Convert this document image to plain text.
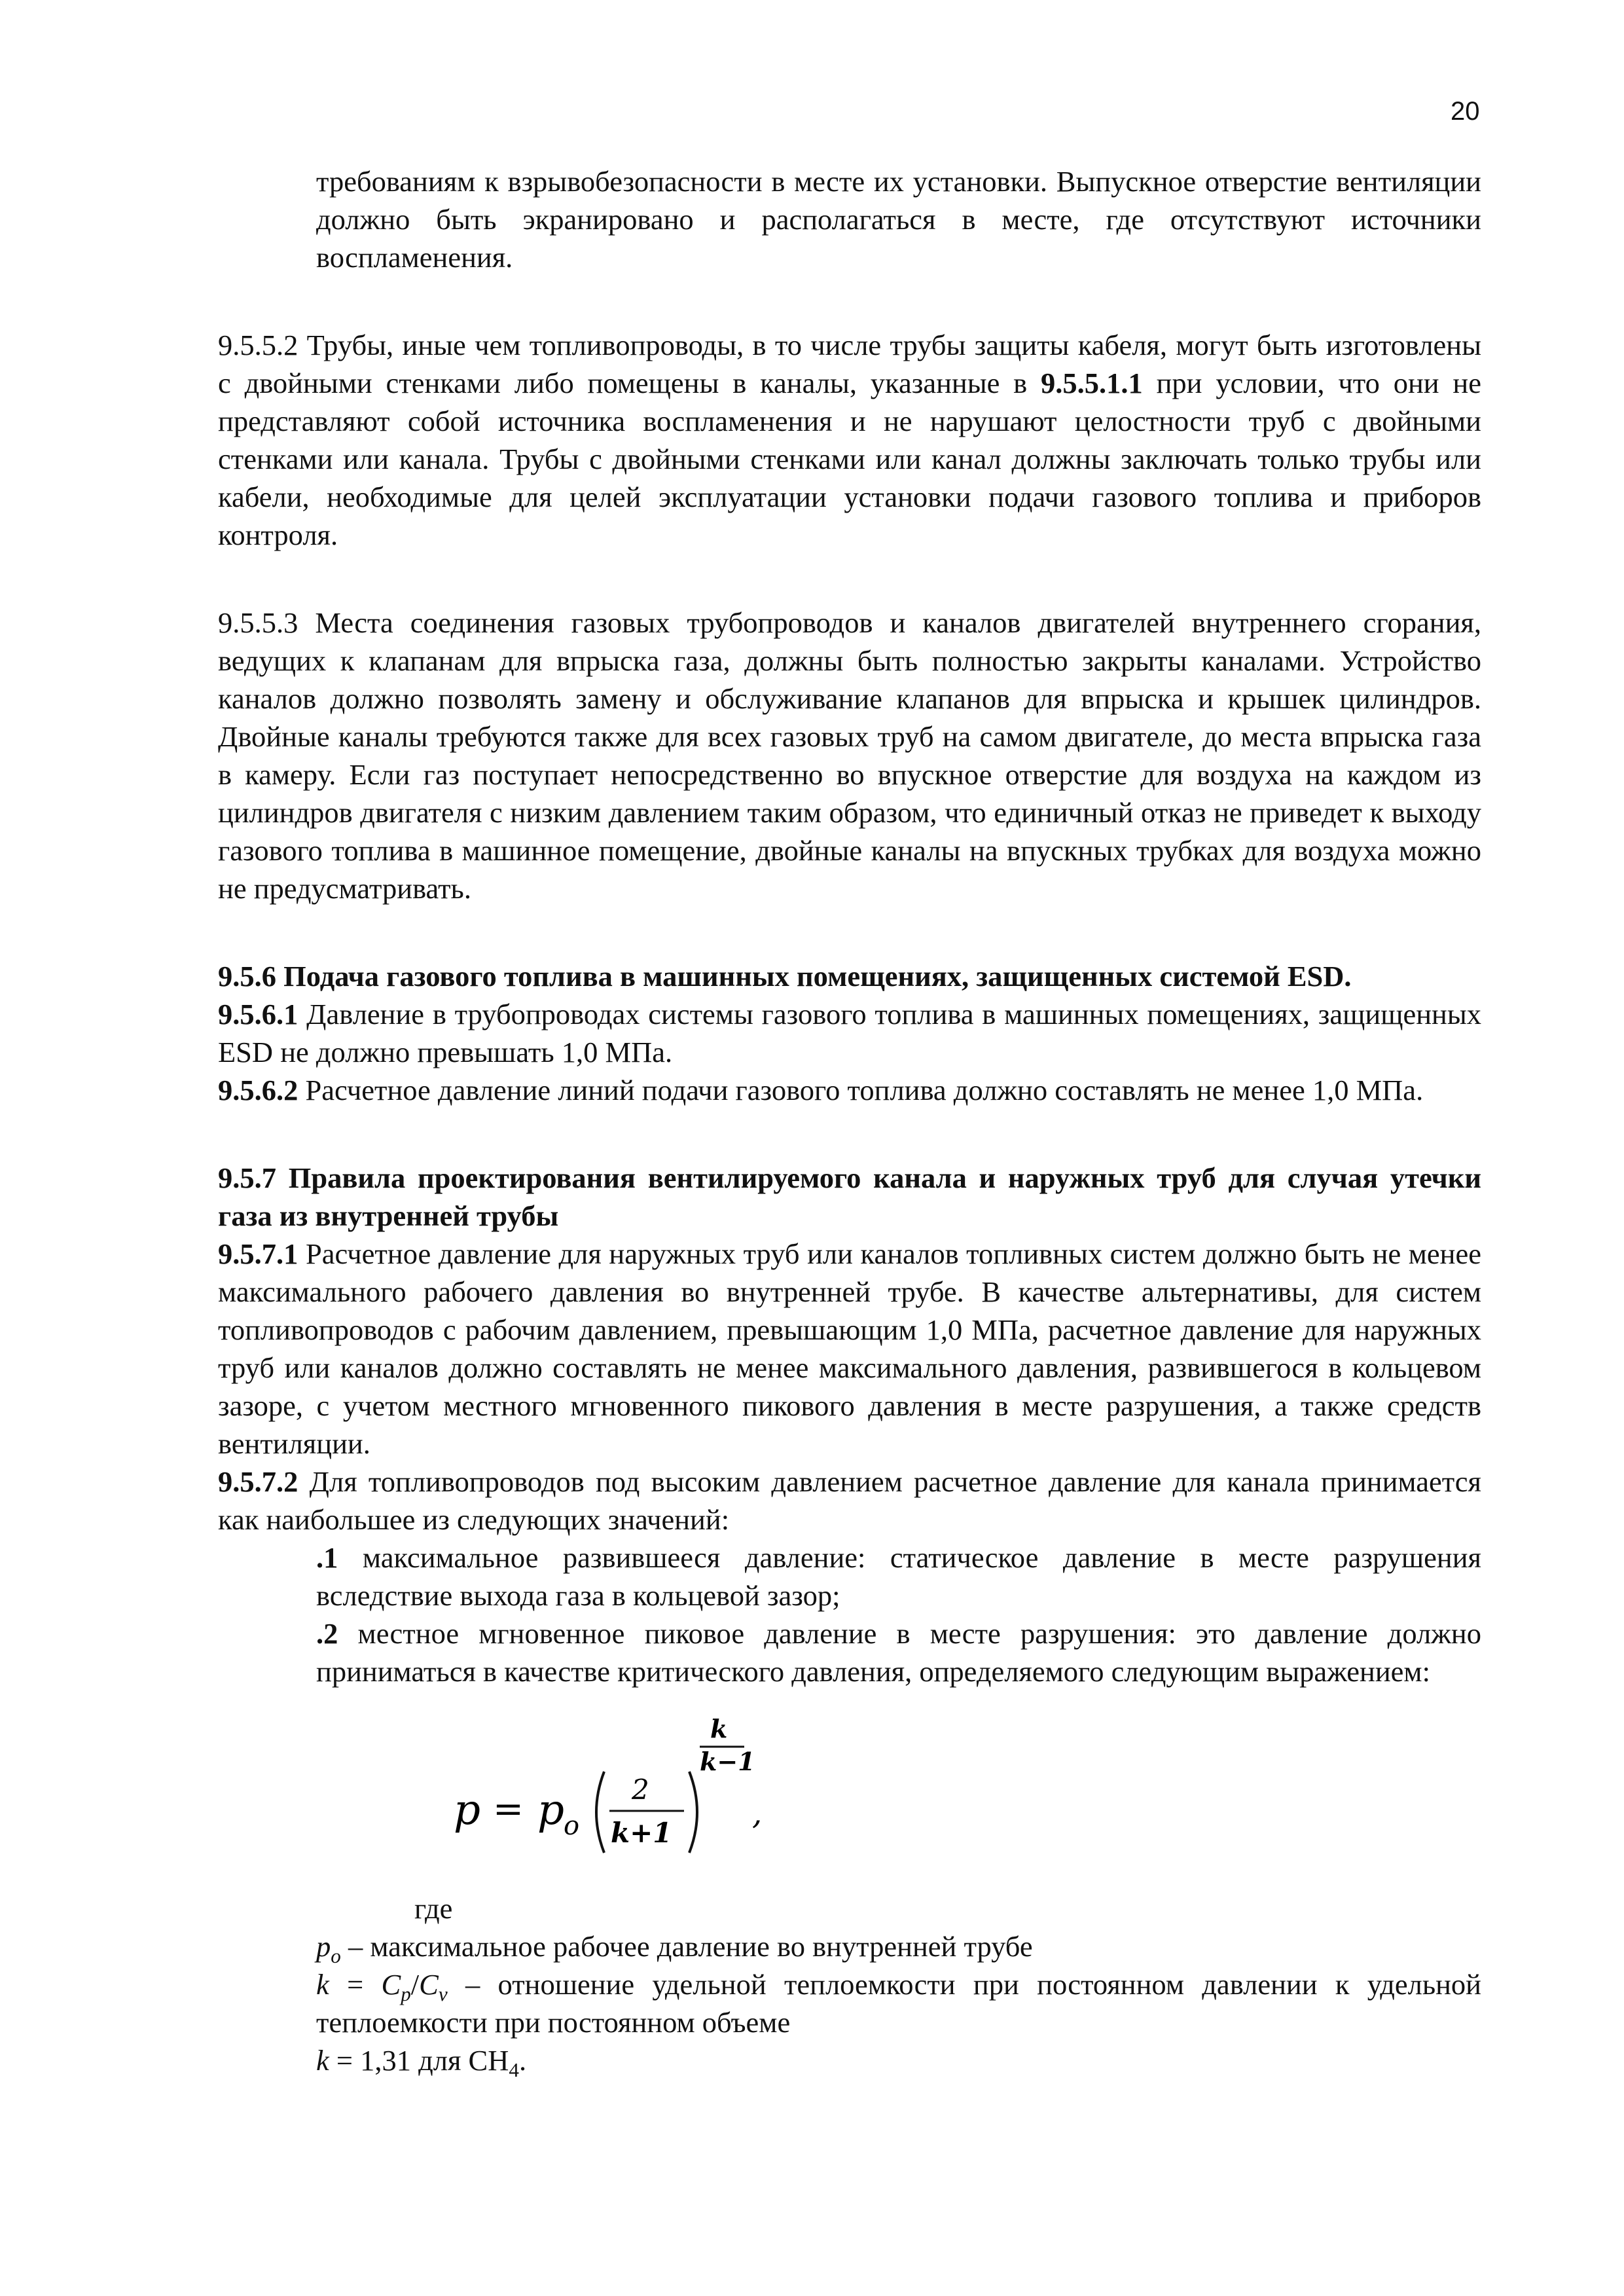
20

требованиям к взрывобезопасности в месте их установки. Выпускное отверстие вентиляции должно быть экранировано и располагаться в месте, где отсутствуют источники воспламенения.

9.5.5.2 Трубы, иные чем топливопроводы, в то числе трубы защиты кабеля, могут быть изготовлены с двойными стенками либо помещены в каналы, указанные в 9.5.5.1.1 при условии, что они не представляют собой источника воспламенения и не нарушают целостности труб с двойными стенками или канала. Трубы с двойными стенками или канал должны заключать только трубы или кабели, необходимые для целей эксплуатации установки подачи газового топлива и приборов контроля.

9.5.5.3 Места соединения газовых трубопроводов и каналов двигателей внутреннего сгорания, ведущих к клапанам для впрыска газа, должны быть полностью закрыты каналами. Устройство каналов должно позволять замену и обслуживание клапанов для впрыска и крышек цилиндров. Двойные каналы требуются также для всех газовых труб на самом двигателе, до места впрыска газа в камеру. Если газ поступает непосредственно во впускное отверстие для воздуха на каждом из цилиндров двигателя с низким давлением таким образом, что единичный отказ не приведет к выходу газового топлива в машинное помещение, двойные каналы на впускных трубках для воздуха можно не предусматривать.

9.5.6 Подача газового топлива в машинных помещениях, защищенных системой ESD.

9.5.6.1 Давление в трубопроводах системы газового топлива в машинных помещениях, защищенных ESD не должно превышать 1,0 МПа.

9.5.6.2 Расчетное давление линий подачи газового топлива должно составлять не менее 1,0 МПа.

9.5.7 Правила проектирования вентилируемого канала и наружных труб для случая утечки газа из внутренней трубы

9.5.7.1 Расчетное давление для наружных труб или каналов топливных систем должно быть не менее максимального рабочего давления во внутренней трубе. В качестве альтернативы, для систем топливопроводов с рабочим давлением, превышающим 1,0 МПа, расчетное давление для наружных труб или каналов должно составлять не менее максимального давления, развившегося в кольцевом зазоре, с учетом местного мгновенного пикового давления в месте разрушения, а также средств вентиляции.

9.5.7.2 Для топливопроводов под высоким давлением расчетное давление для канала принимается как наибольшее из следующих значений:

.1 максимальное развившееся давление: статическое давление в месте разрушения вследствие выхода газа в кольцевой зазор;

.2 местное мгновенное пиковое давление в месте разрушения: это давление должно приниматься в качестве критического давления, определяемого следующим выражением:

p = p o
2
k+1
k
k−1
,

где

$p_o$ – максимальное рабочее давление во внутренней трубе

$k = C_p/C_v$ – отношение удельной теплоемкости при постоянном давлении к удельной теплоемкости при постоянном объеме

k = 1,31 для $CH_4$.
